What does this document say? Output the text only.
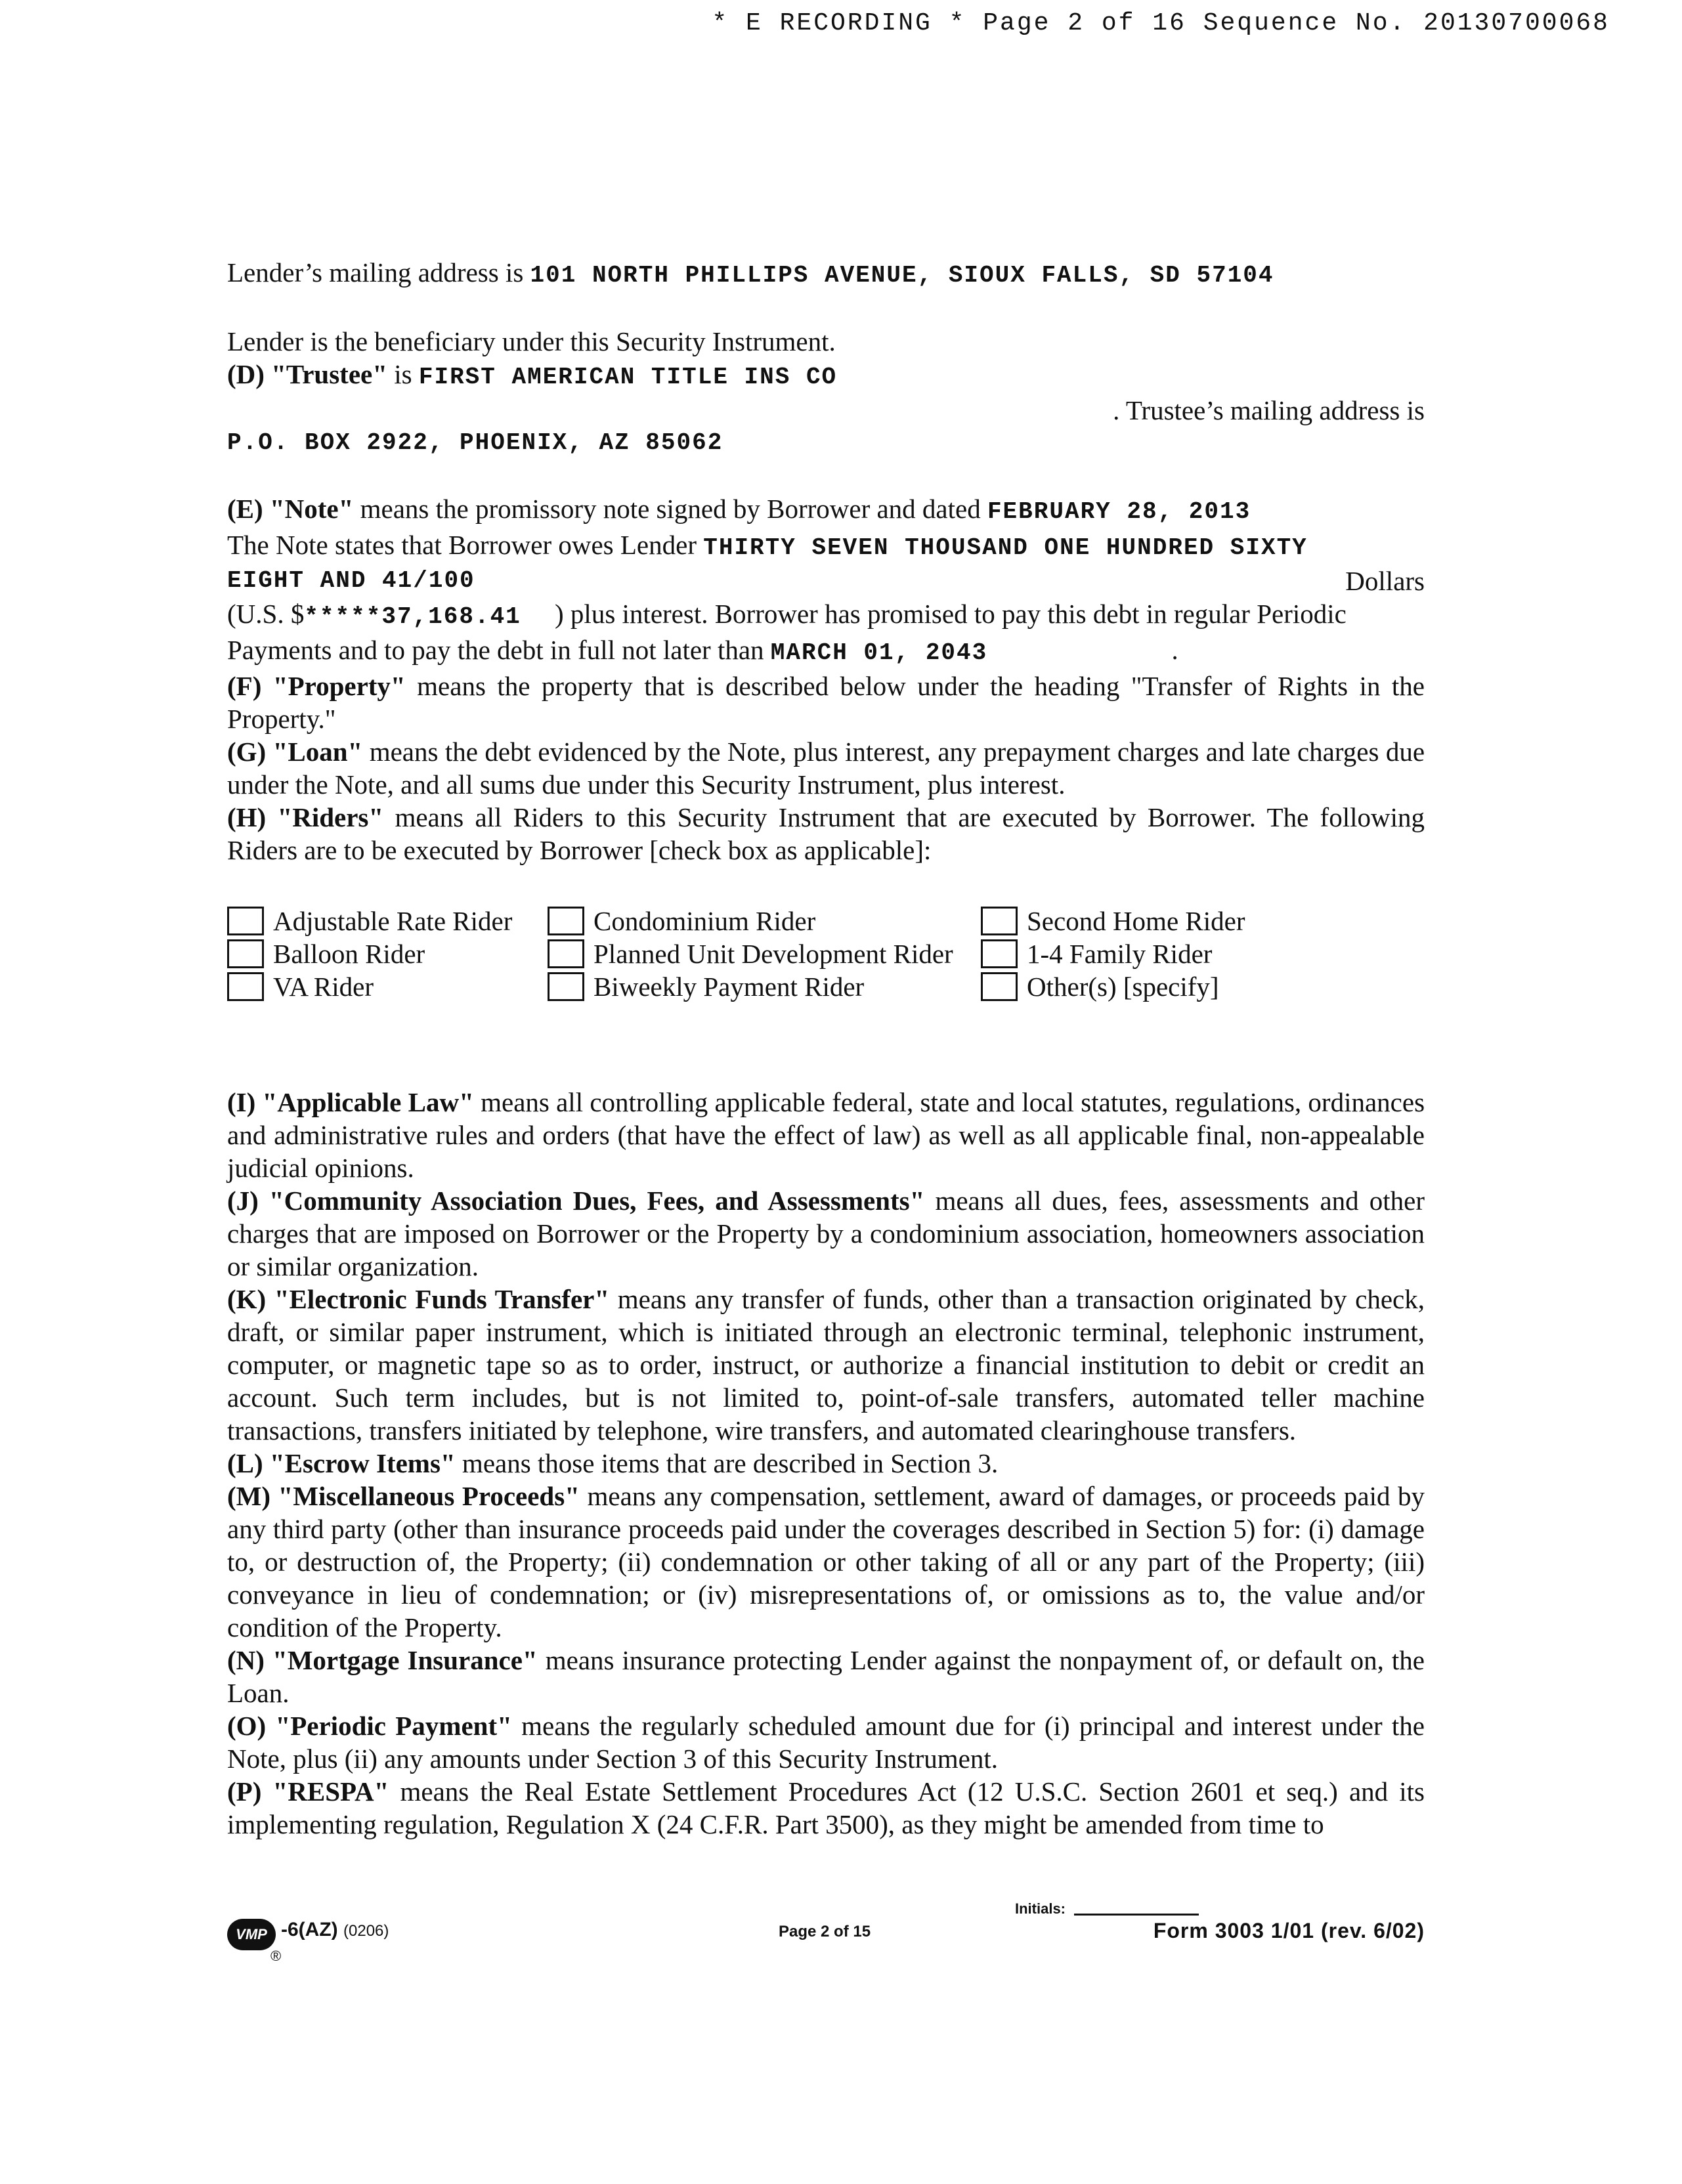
* E RECORDING * Page 2 of 16 Sequence No. 20130700068

Lender’s mailing address is 101 NORTH PHILLIPS AVENUE, SIOUX FALLS, SD 57104

Lender is the beneficiary under this Security Instrument.

(D) "Trustee" is FIRST AMERICAN TITLE INS CO

. Trustee’s mailing address is

P.O. BOX 2922, PHOENIX, AZ 85062

(E) "Note" means the promissory note signed by Borrower and dated FEBRUARY 28, 2013

The Note states that Borrower owes Lender THIRTY SEVEN THOUSAND ONE HUNDRED SIXTY

EIGHT AND 41/100	Dollars

(U.S. $*****37,168.41 ) plus interest. Borrower has promised to pay this debt in regular Periodic

Payments and to pay the debt in full not later than MARCH 01, 2043	.

(F) "Property" means the property that is described below under the heading "Transfer of Rights in the Property."

(G) "Loan" means the debt evidenced by the Note, plus interest, any prepayment charges and late charges due under the Note, and all sums due under this Security Instrument, plus interest.

(H) "Riders" means all Riders to this Security Instrument that are executed by Borrower. The following Riders are to be executed by Borrower [check box as applicable]:

Adjustable Rate Rider	Condominium Rider	Second Home Rider
Balloon Rider	Planned Unit Development Rider	1-4 Family Rider
VA Rider	Biweekly Payment Rider	Other(s) [specify]

(I) "Applicable Law" means all controlling applicable federal, state and local statutes, regulations, ordinances and administrative rules and orders (that have the effect of law) as well as all applicable final, non-appealable judicial opinions.

(J) "Community Association Dues, Fees, and Assessments" means all dues, fees, assessments and other charges that are imposed on Borrower or the Property by a condominium association, homeowners association or similar organization.

(K) "Electronic Funds Transfer" means any transfer of funds, other than a transaction originated by check, draft, or similar paper instrument, which is initiated through an electronic terminal, telephonic instrument, computer, or magnetic tape so as to order, instruct, or authorize a financial institution to debit or credit an account. Such term includes, but is not limited to, point-of-sale transfers, automated teller machine transactions, transfers initiated by telephone, wire transfers, and automated clearinghouse transfers.

(L) "Escrow Items" means those items that are described in Section 3.

(M) "Miscellaneous Proceeds" means any compensation, settlement, award of damages, or proceeds paid by any third party (other than insurance proceeds paid under the coverages described in Section 5) for: (i) damage to, or destruction of, the Property; (ii) condemnation or other taking of all or any part of the Property; (iii) conveyance in lieu of condemnation; or (iv) misrepresentations of, or omissions as to, the value and/or condition of the Property.

(N) "Mortgage Insurance" means insurance protecting Lender against the nonpayment of, or default on, the Loan.

(O) "Periodic Payment" means the regularly scheduled amount due for (i) principal and interest under the Note, plus (ii) any amounts under Section 3 of this Security Instrument.

(P) "RESPA" means the Real Estate Settlement Procedures Act (12 U.S.C. Section 2601 et seq.) and its implementing regulation, Regulation X (24 C.F.R. Part 3500), as they might be amended from time to

VMP
®
-6(AZ) (0206)	Page 2 of 15
Initials:
Form 3003 1/01 (rev. 6/02)
